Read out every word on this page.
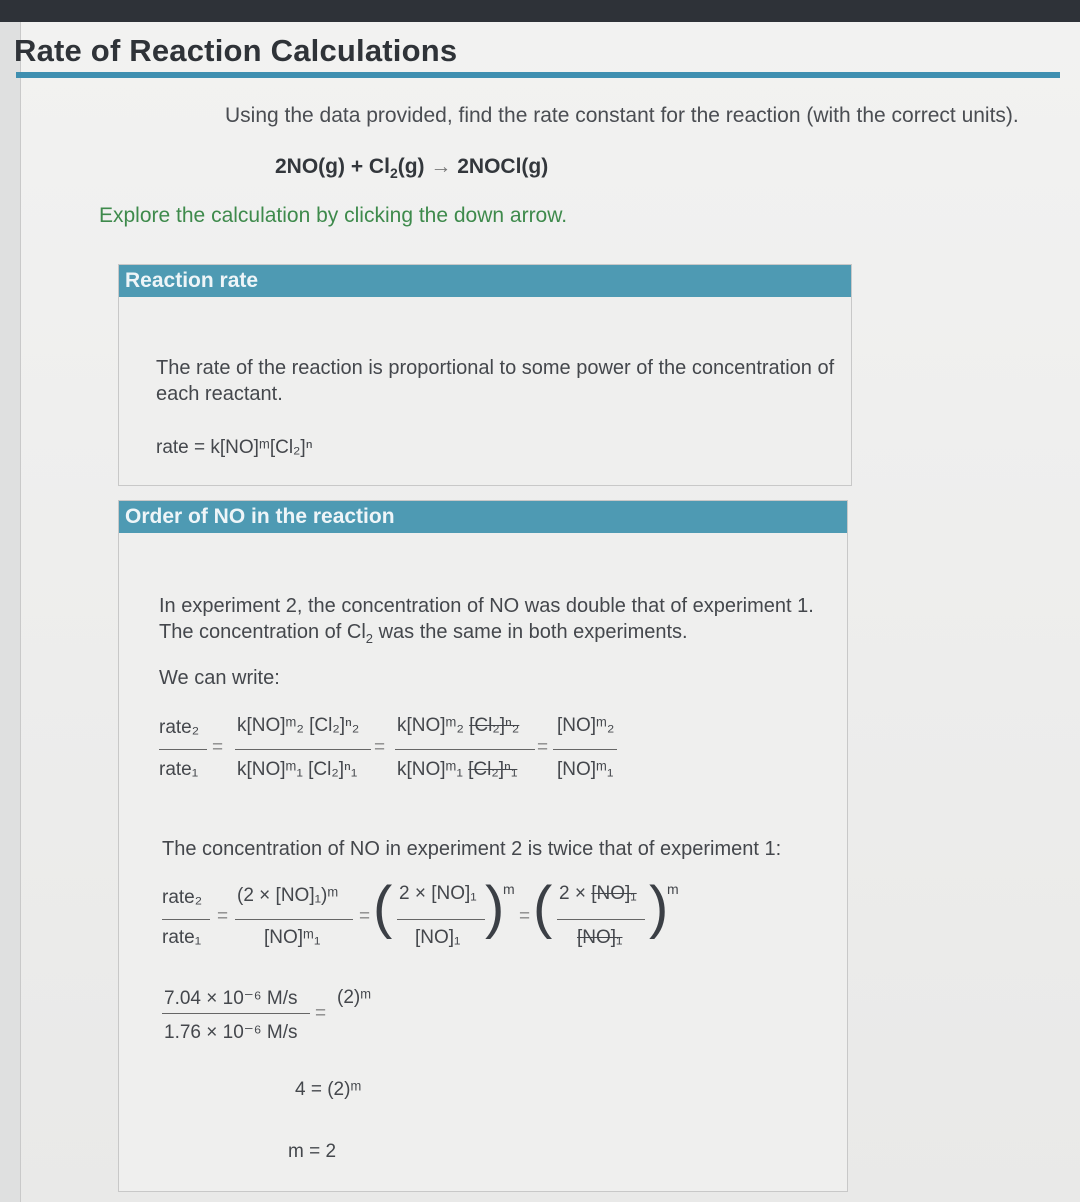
Rate of Reaction Calculations
Using the data provided, find the rate constant for the reaction (with the correct units).
$2NO(g) + Cl_2(g)$ → 2NOCl(g)
Explore the calculation by clicking the down arrow.
Reaction rate
The rate of the reaction is proportional to some power of the concentration of each reactant.
rate = k[NO]ᵐ[Cl₂]ⁿ
Order of NO in the reaction
In experiment 2, the concentration of NO was double that of experiment 1.
The concentration of $Cl_2$ was the same in both experiments.
We can write:
rate₂
rate₁
=
k[NO]ᵐ₂ [Cl₂]ⁿ₂
k[NO]ᵐ₁ [Cl₂]ⁿ₁
=
k[NO]ᵐ₂ [Cl₂]ⁿ₂
k[NO]ᵐ₁ [Cl₂]ⁿ₁
=
[NO]ᵐ₂
[NO]ᵐ₁
The concentration of NO in experiment 2 is twice that of experiment 1:
rate₂
rate₁
=
(2 × [NO]₁)ᵐ
[NO]ᵐ₁
= ( 2 × [NO]₁
[NO]₁ )
m
= ( 2 × [NO]₁
[NO]₁ )
m
7.04 × 10⁻⁶ M/s
1.76 × 10⁻⁶ M/s
=
(2)ᵐ
4 = (2)ᵐ
m = 2
